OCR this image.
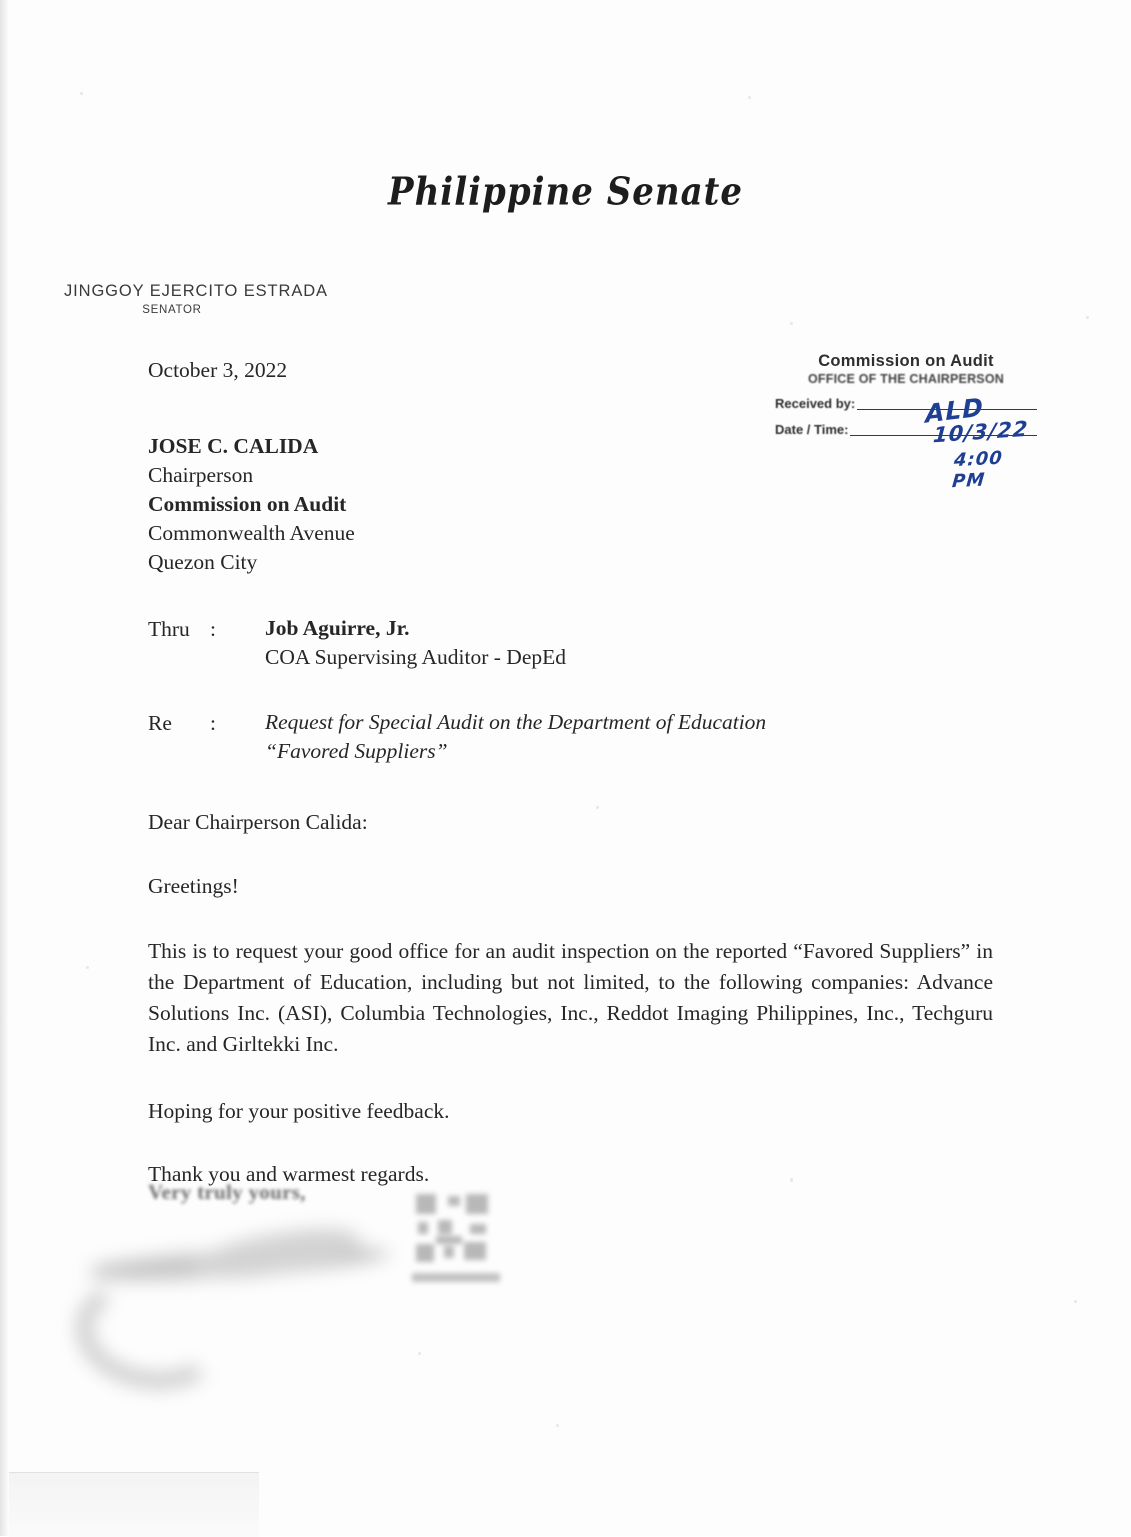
Philippine Senate
JINGGOY EJERCITO ESTRADA
SENATOR
Commission on Audit
OFFICE OF THE CHAIRPERSON
Received by:
Date / Time:
ALD
10/3/22
4:00 PM

October 3, 2022

JOSE C. CALIDA
Chairperson
Commission on Audit
Commonwealth Avenue
Quezon City
Thru :	Job Aguirre, Jr.
COA Supervising Auditor - DepEd
Re	:	Request for Special Audit on the Department of Education
“Favored Suppliers”

Dear Chairperson Calida:

Greetings!

This is to request your good office for an audit inspection on the reported “Favored Suppliers” in the Department of Education, including but not limited, to the following companies: Advance Solutions Inc. (ASI), Columbia Technologies, Inc., Reddot Imaging Philippines, Inc., Techguru Inc. and Girltekki Inc.

Hoping for your positive feedback.

Thank you and warmest regards.

Very truly yours,
